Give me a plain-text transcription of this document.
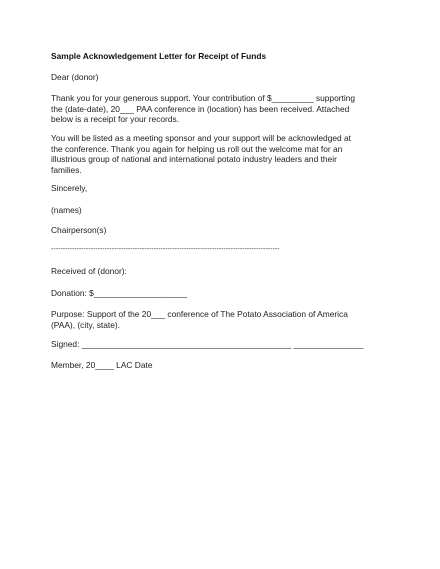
Sample Acknowledgement Letter for Receipt of Funds
Dear (donor)
Thank you for your generous support. Your contribution of $_________ supporting
the (date-date), 20___ PAA conference in (location) has been received. Attached
below is a receipt for your records.
You will be listed as a meeting sponsor and your support will be acknowledged at
the conference. Thank you again for helping us roll out the welcome mat for an
illustrious group of national and international potato industry leaders and their
families.
Sincerely,
(names)
Chairperson(s)
--------------------------------------------------------------------------------------------------
Received of (donor):
Donation: $____________________
Purpose: Support of the 20___ conference of The Potato Association of America
(PAA), (city, state).
Signed: _____________________________________________ _______________
Member, 20____ LAC Date
